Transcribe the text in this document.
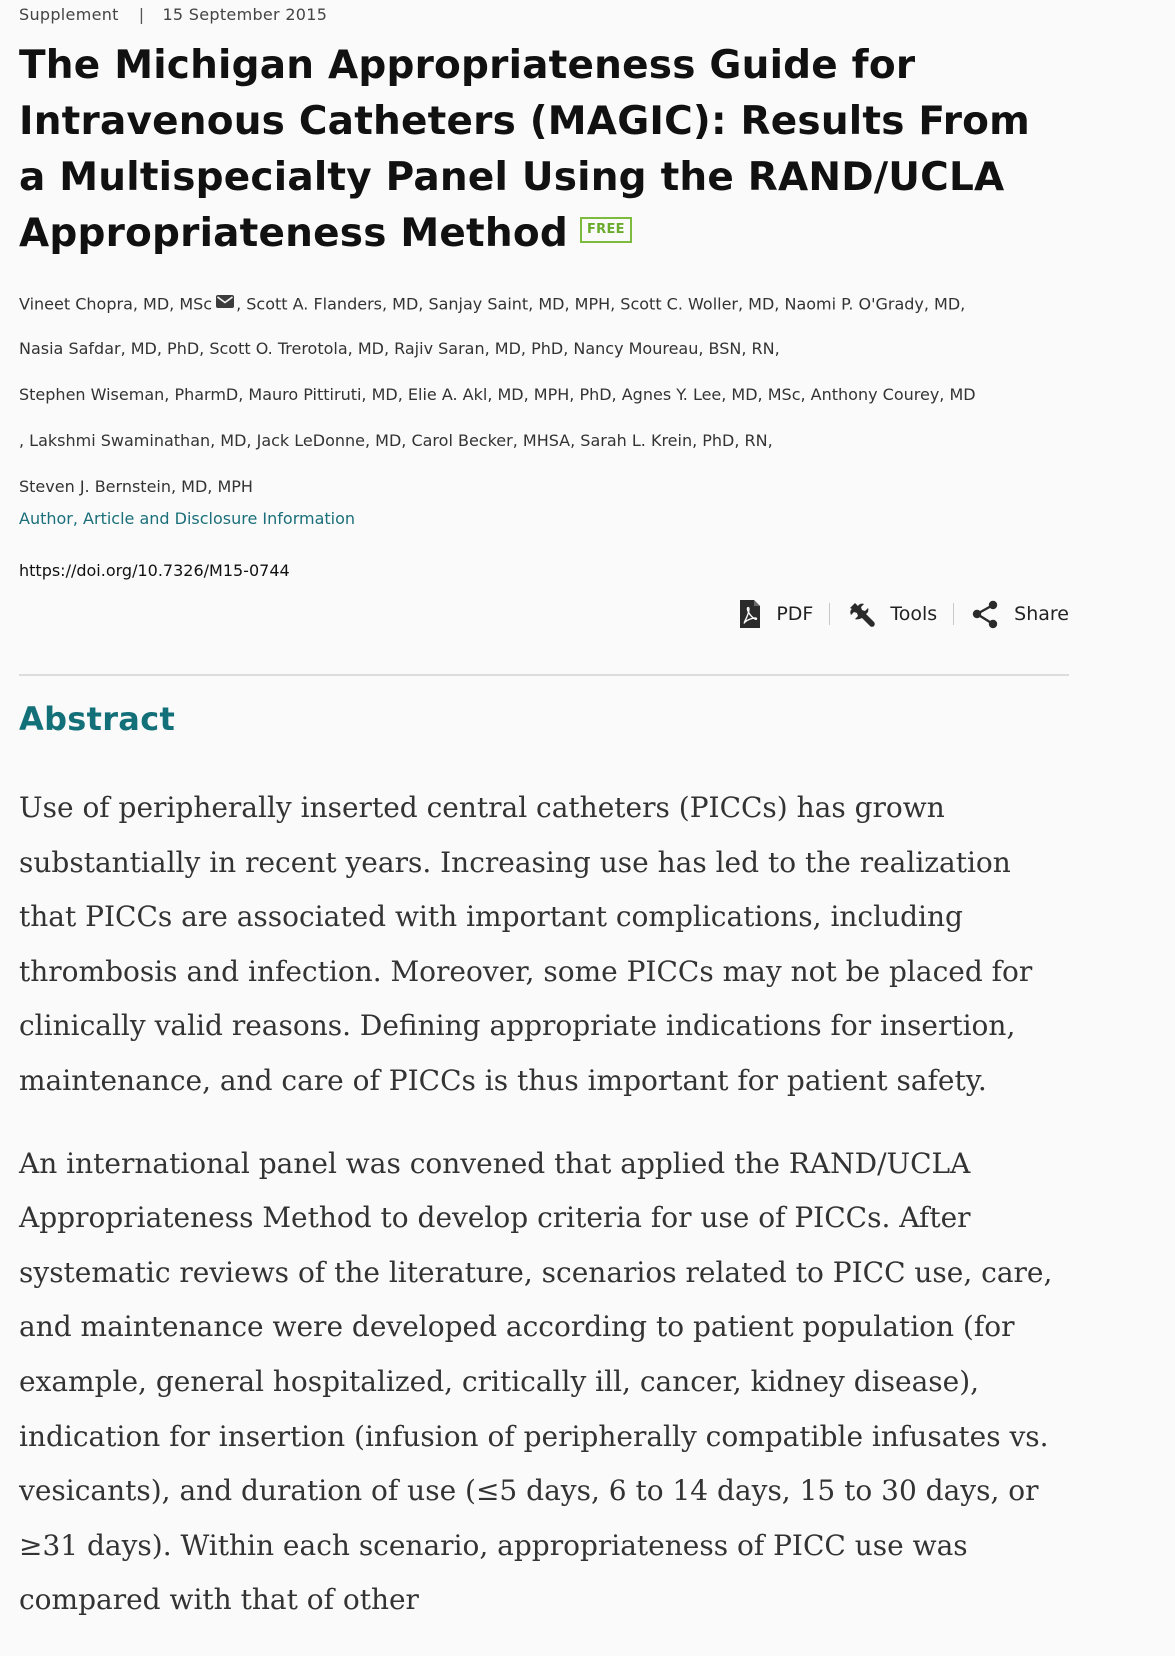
Supplement | 15 September 2015
The Michigan Appropriateness Guide for Intravenous Catheters (MAGIC): Results From a Multispecialty Panel Using the RAND/UCLA Appropriateness Method FREE
Vineet Chopra, MD, MSc , Scott A. Flanders, MD, Sanjay Saint, MD, MPH, Scott C. Woller, MD, Naomi P. O'Grady, MD,
Nasia Safdar, MD, PhD, Scott O. Trerotola, MD, Rajiv Saran, MD, PhD, Nancy Moureau, BSN, RN,
Stephen Wiseman, PharmD, Mauro Pittiruti, MD, Elie A. Akl, MD, MPH, PhD, Agnes Y. Lee, MD, MSc, Anthony Courey, MD
, Lakshmi Swaminathan, MD, Jack LeDonne, MD, Carol Becker, MHSA, Sarah L. Krein, PhD, RN,
Steven J. Bernstein, MD, MPH
Author, Article and Disclosure Information
https://doi.org/10.7326/M15-0744
PDF	Tools	Share
Abstract

Use of peripherally inserted central catheters (PICCs) has grown substantially in recent years. Increasing use has led to the realization that PICCs are associated with important complications, including thrombosis and infection. Moreover, some PICCs may not be placed for clinically valid reasons. Defining appropriate indications for insertion, maintenance, and care of PICCs is thus important for patient safety.

An international panel was convened that applied the RAND/UCLA Appropriateness Method to develop criteria for use of PICCs. After systematic reviews of the literature, scenarios related to PICC use, care, and maintenance were developed according to patient population (for example, general hospitalized, critically ill, cancer, kidney disease), indication for insertion (infusion of peripherally compatible infusates vs. vesicants), and duration of use (≤5 days, 6 to 14 days, 15 to 30 days, or ≥31 days). Within each scenario, appropriateness of PICC use was compared with that of other
